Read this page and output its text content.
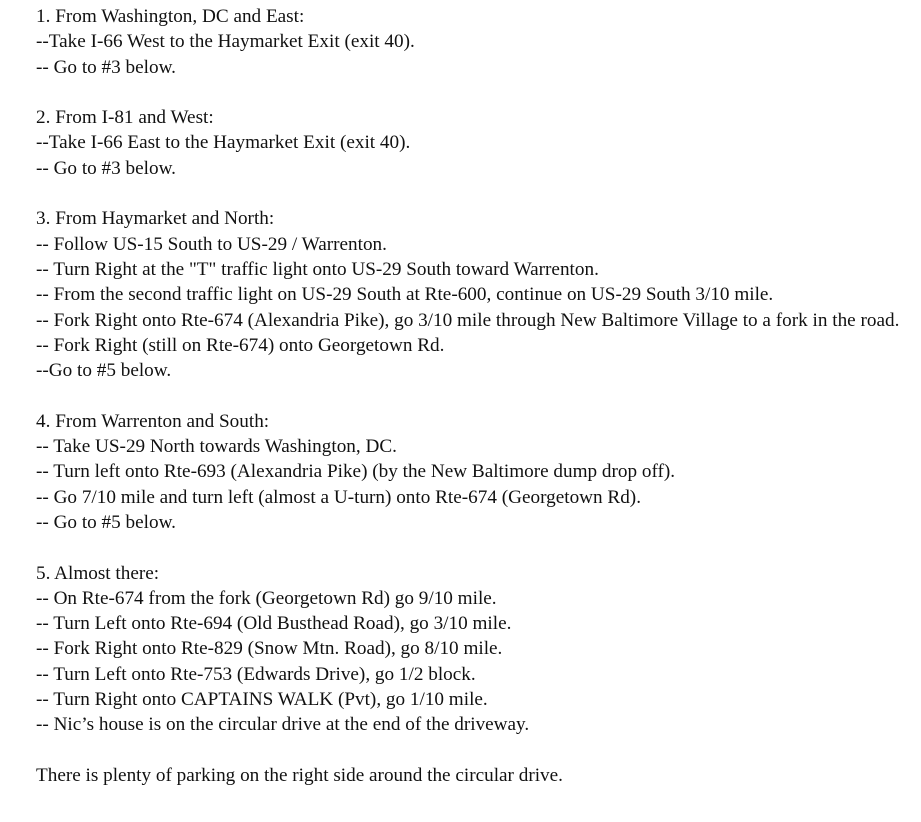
1. From Washington, DC and East:
--Take I-66 West to the Haymarket Exit (exit 40).
-- Go to #3 below.
2. From I-81 and West:
--Take I-66 East to the Haymarket Exit (exit 40).
-- Go to #3 below.
3. From Haymarket and North:
-- Follow US-15 South to US-29 / Warrenton.
-- Turn Right at the "T" traffic light onto US-29 South toward Warrenton.
-- From the second traffic light on US-29 South at Rte-600, continue on US-29 South 3/10 mile.
-- Fork Right onto Rte-674 (Alexandria Pike), go 3/10 mile through New Baltimore Village to a fork in the road.
-- Fork Right (still on Rte-674) onto Georgetown Rd.
--Go to #5 below.
4. From Warrenton and South:
-- Take US-29 North towards Washington, DC.
-- Turn left onto Rte-693 (Alexandria Pike) (by the New Baltimore dump drop off).
-- Go 7/10 mile and turn left (almost a U-turn) onto Rte-674 (Georgetown Rd).
-- Go to #5 below.
5. Almost there:
-- On Rte-674 from the fork (Georgetown Rd) go 9/10 mile.
-- Turn Left onto Rte-694 (Old Busthead Road), go 3/10 mile.
-- Fork Right onto Rte-829 (Snow Mtn. Road), go 8/10 mile.
-- Turn Left onto Rte-753 (Edwards Drive), go 1/2 block.
-- Turn Right onto CAPTAINS WALK (Pvt), go 1/10 mile.
-- Nic’s house is on the circular drive at the end of the driveway.
There is plenty of parking on the right side around the circular drive.
